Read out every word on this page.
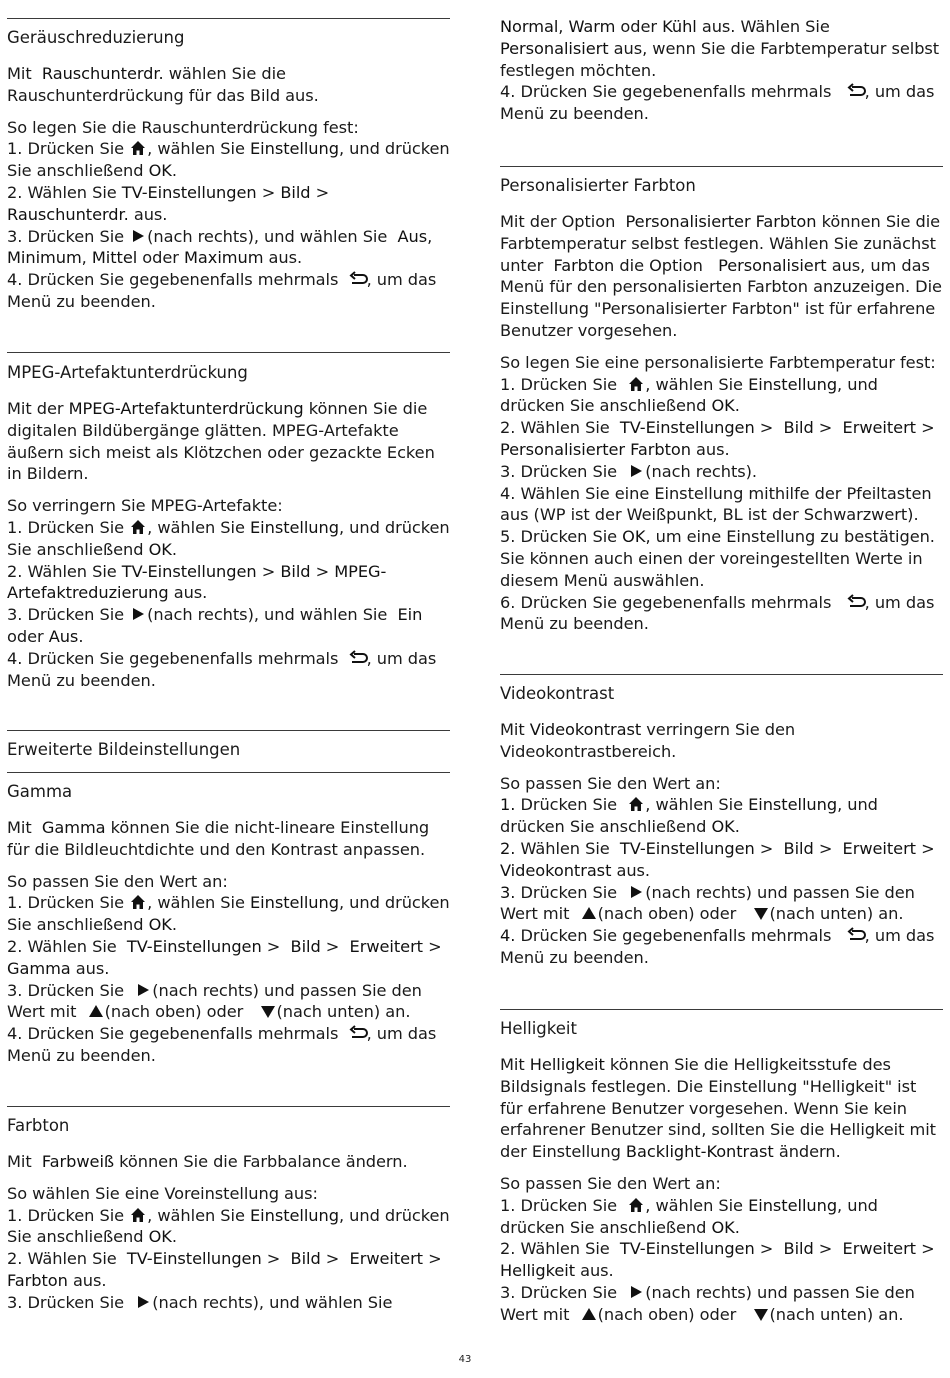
Geräuschreduzierung

Mit Rauschunterdr. wählen Sie die Rauschunterdrückung für das Bild aus.

So legen Sie die Rauschunterdrückung fest:

1. Drücken Sie , wählen Sie Einstellung, und drücken Sie anschließend OK.
2. Wählen Sie TV-Einstellungen > Bild > Rauschunterdr. aus.
3. Drücken Sie (nach rechts), und wählen Sie Aus, Minimum, Mittel oder Maximum aus.
4. Drücken Sie gegebenenfalls mehrmals , um das Menü zu beenden.
MPEG-Artefaktunterdrückung

Mit der MPEG-Artefaktunterdrückung können Sie die digitalen Bildübergänge glätten. MPEG-Artefakte äußern sich meist als Klötzchen oder gezackte Ecken in Bildern.

So verringern Sie MPEG-Artefakte:

1. Drücken Sie , wählen Sie Einstellung, und drücken Sie anschließend OK.
2. Wählen Sie TV-Einstellungen > Bild > MPEG-Artefaktreduzierung aus.
3. Drücken Sie (nach rechts), und wählen Sie Ein oder Aus.
4. Drücken Sie gegebenenfalls mehrmals , um das Menü zu beenden.
Erweiterte Bildeinstellungen
Gamma

Mit Gamma können Sie die nicht-lineare Einstellung für die Bildleuchtdichte und den Kontrast anpassen.

So passen Sie den Wert an:

1. Drücken Sie , wählen Sie Einstellung, und drücken Sie anschließend OK.
2. Wählen Sie TV-Einstellungen >  Bild >  Erweitert > Gamma aus.
3. Drücken Sie (nach rechts) und passen Sie den Wert mit (nach oben) oder (nach unten) an.
4. Drücken Sie gegebenenfalls mehrmals , um das Menü zu beenden.
Farbton

Mit Farbweiß können Sie die Farbbalance ändern.

So wählen Sie eine Voreinstellung aus:

1. Drücken Sie , wählen Sie Einstellung, und drücken Sie anschließend OK.
2. Wählen Sie TV-Einstellungen >  Bild >  Erweitert > Farbton aus.
3. Drücken Sie (nach rechts), und wählen Sie

Normal, Warm oder Kühl aus. Wählen Sie Personalisiert aus, wenn Sie die Farbtemperatur selbst festlegen möchten.

4. Drücken Sie gegebenenfalls mehrmals , um das Menü zu beenden.
Personalisierter Farbton

Mit der Option Personalisierter Farbton können Sie die Farbtemperatur selbst festlegen. Wählen Sie zunächst unter Farbton die Option Personalisiert aus, um das Menü für den personalisierten Farbton anzuzeigen. Die Einstellung "Personalisierter Farbton" ist für erfahrene Benutzer vorgesehen.

So legen Sie eine personalisierte Farbtemperatur fest:

1. Drücken Sie , wählen Sie Einstellung, und drücken Sie anschließend OK.
2. Wählen Sie TV-Einstellungen >  Bild >  Erweitert > Personalisierter Farbton aus.
3. Drücken Sie (nach rechts).
4. Wählen Sie eine Einstellung mithilfe der Pfeiltasten aus (WP ist der Weißpunkt, BL ist der Schwarzwert).
5. Drücken Sie OK, um eine Einstellung zu bestätigen. Sie können auch einen der voreingestellten Werte in diesem Menü auswählen.
6. Drücken Sie gegebenenfalls mehrmals , um das Menü zu beenden.
Videokontrast

Mit Videokontrast verringern Sie den Videokontrastbereich.

So passen Sie den Wert an:

1. Drücken Sie , wählen Sie Einstellung, und drücken Sie anschließend OK.
2. Wählen Sie TV-Einstellungen >  Bild >  Erweitert > Videokontrast aus.
3. Drücken Sie (nach rechts) und passen Sie den Wert mit (nach oben) oder (nach unten) an.
4. Drücken Sie gegebenenfalls mehrmals , um das Menü zu beenden.
Helligkeit

Mit Helligkeit können Sie die Helligkeitsstufe des Bildsignals festlegen. Die Einstellung "Helligkeit" ist für erfahrene Benutzer vorgesehen. Wenn Sie kein erfahrener Benutzer sind, sollten Sie die Helligkeit mit der Einstellung Backlight-Kontrast ändern.

So passen Sie den Wert an:

1. Drücken Sie , wählen Sie Einstellung, und drücken Sie anschließend OK.
2. Wählen Sie TV-Einstellungen >  Bild >  Erweitert > Helligkeit aus.
3. Drücken Sie (nach rechts) und passen Sie den Wert mit (nach oben) oder (nach unten) an.
43
